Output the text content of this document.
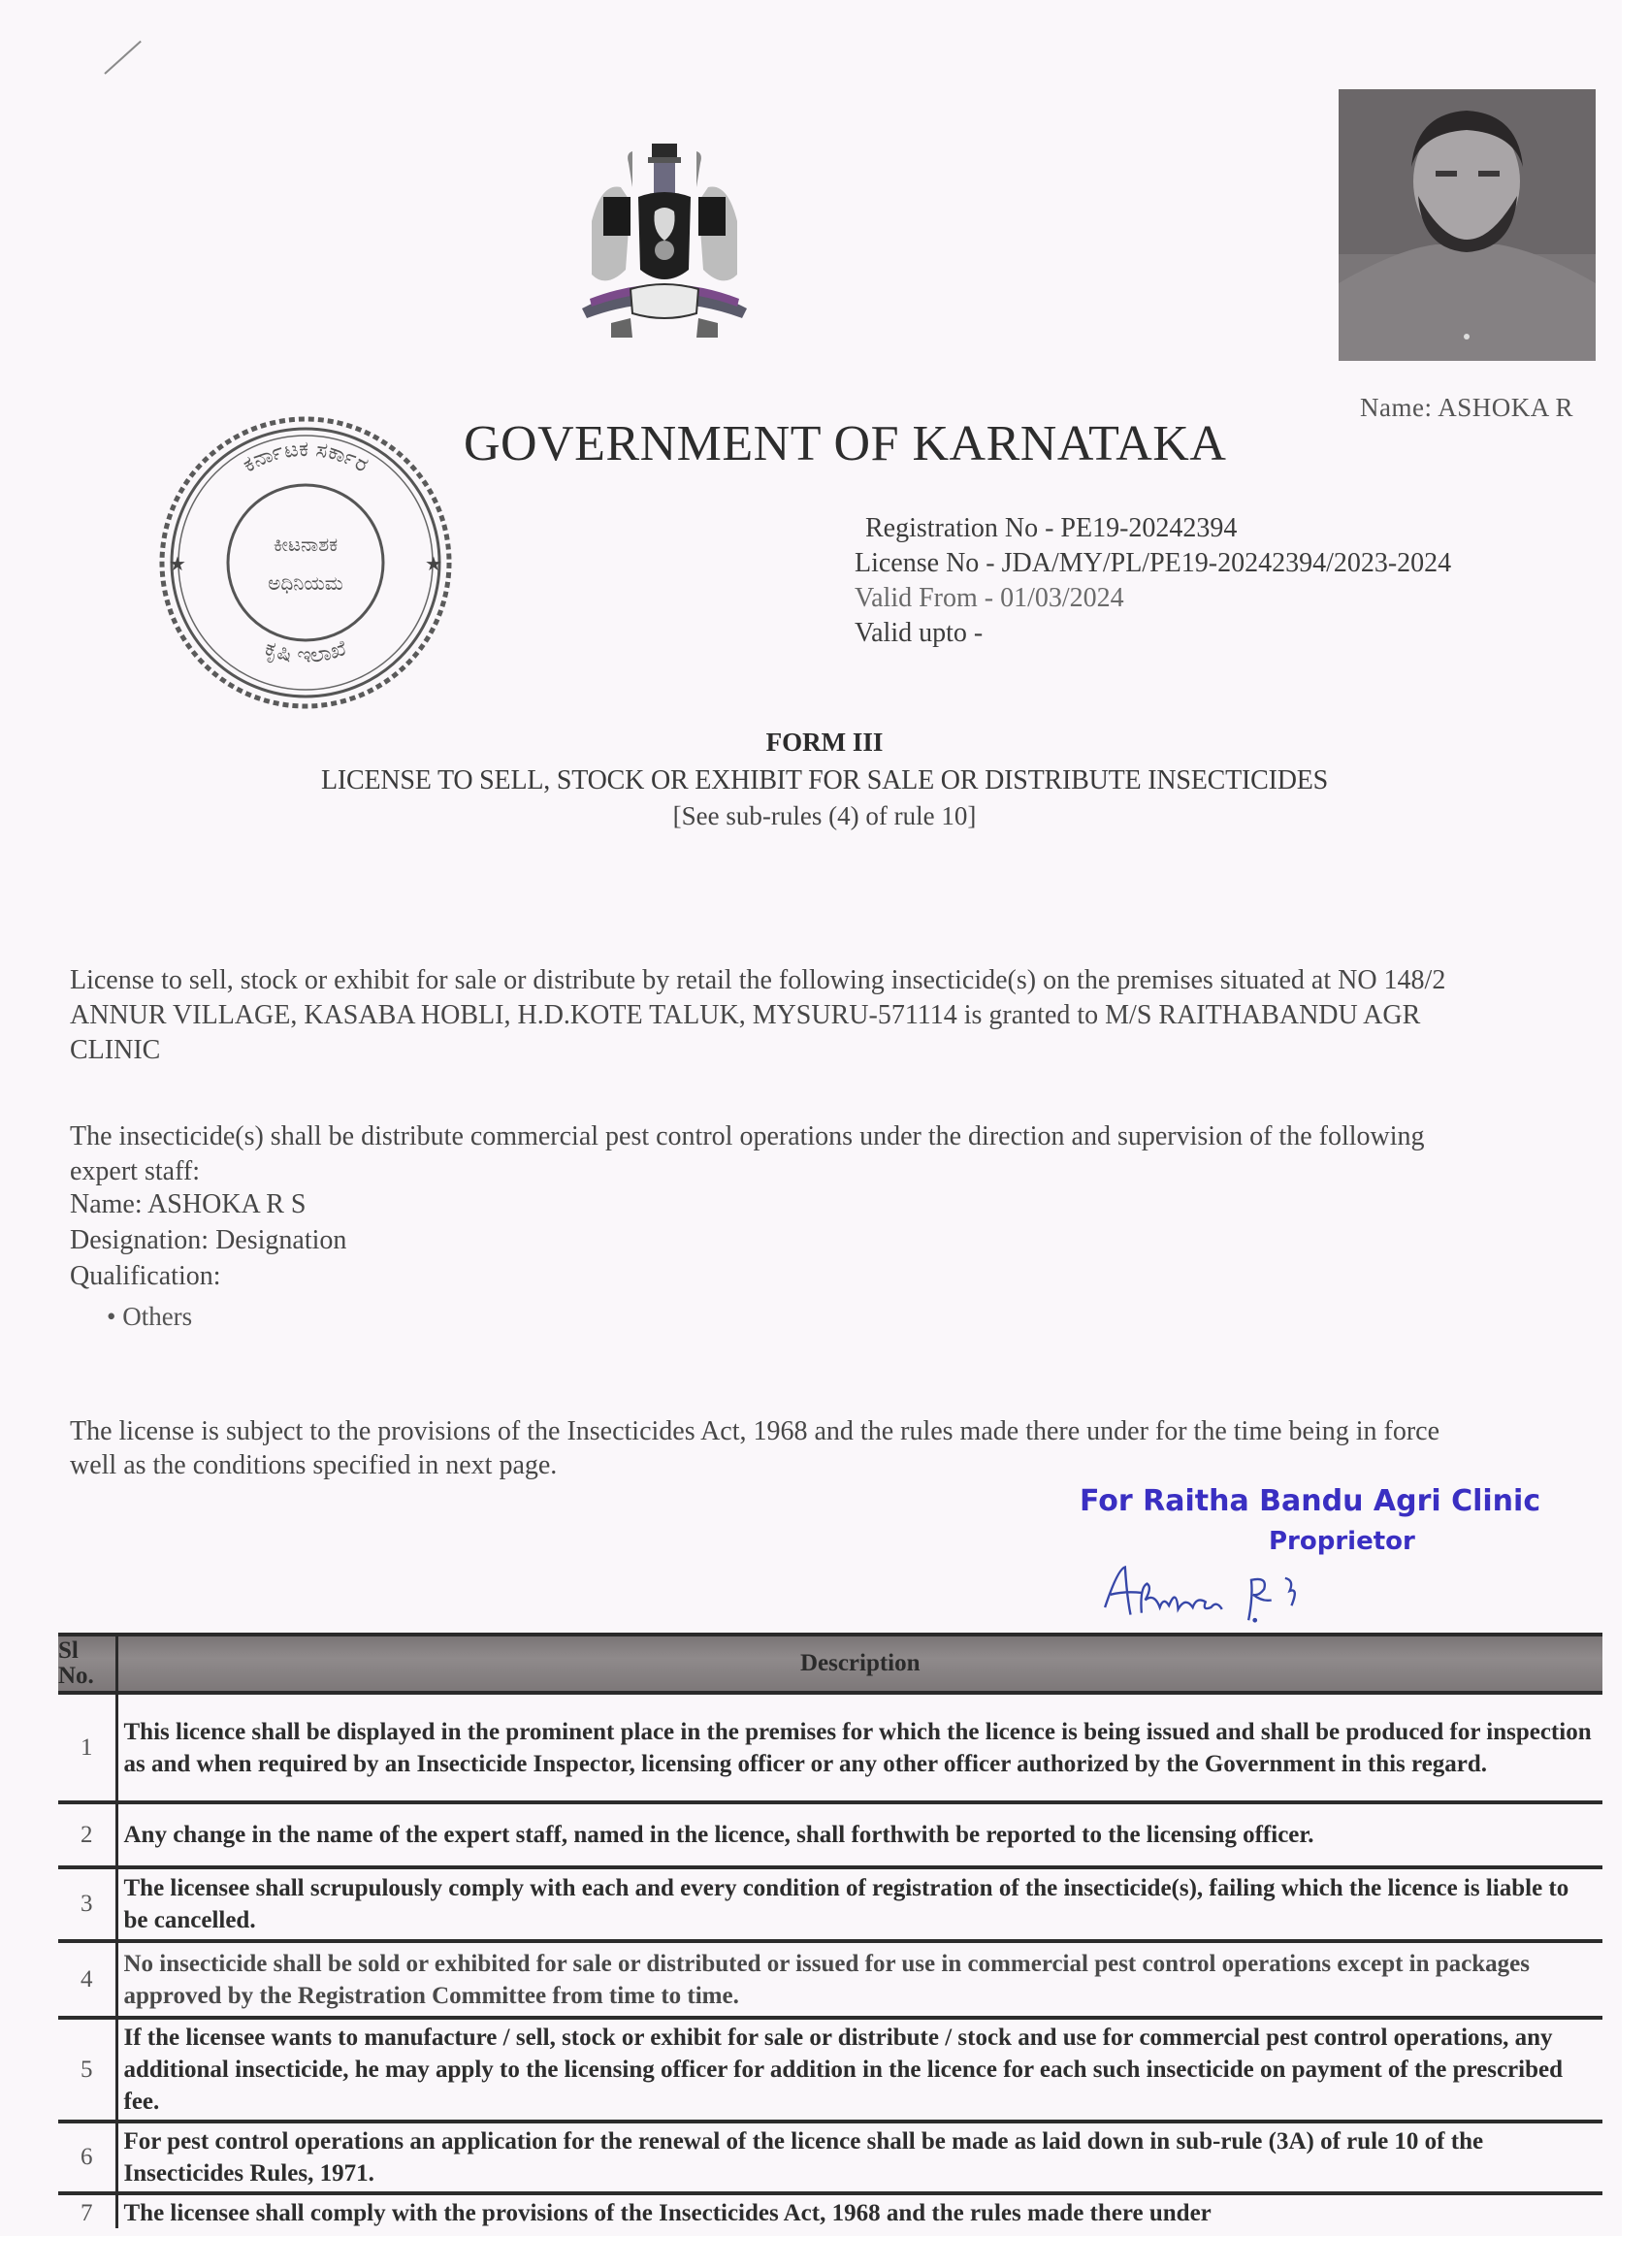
Name: ASHOKA R
ಕರ್ನಾಟಕ ಸರ್ಕಾರ
ಕೃಷಿ ಇಲಾಖೆ
ಕೀಟನಾಶಕ
ಅಧಿನಿಯಮ
★
★
GOVERNMENT OF KARNATAKA
Registration No - PE19-20242394
License No - JDA/MY/PL/PE19-20242394/2023-2024
Valid From - 01/03/2024
Valid upto -
FORM III
LICENSE TO SELL, STOCK OR EXHIBIT FOR SALE OR DISTRIBUTE INSECTICIDES
[See sub-rules (4) of rule 10]
License to sell, stock or exhibit for sale or distribute by retail the following insecticide(s) on the premises situated at NO 148/2
ANNUR VILLAGE, KASABA HOBLI, H.D.KOTE TALUK, MYSURU-571114 is granted to M/S RAITHABANDU AGR
CLINIC
The insecticide(s) shall be distribute commercial pest control operations under the direction and supervision of the following
expert staff:
Name: ASHOKA R S
Designation: Designation
Qualification:
• Others
The license is subject to the provisions of the Insecticides Act, 1968 and the rules made there under for the time being in force
well as the conditions specified in next page.
For Raitha Bandu Agri Clinic
Proprietor
Sl No.	Description
1	This licence shall be displayed in the prominent place in the premises for which the licence is being issued and shall be produced for inspection as and when required by an Insecticide Inspector, licensing officer or any other officer authorized by the Government in this regard.
2	Any change in the name of the expert staff, named in the licence, shall forthwith be reported to the licensing officer.
3	The licensee shall scrupulously comply with each and every condition of registration of the insecticide(s), failing which the licence is liable to be cancelled.
4	No insecticide shall be sold or exhibited for sale or distributed or issued for use in commercial pest control operations except in packages approved by the Registration Committee from time to time.
5	If the licensee wants to manufacture / sell, stock or exhibit for sale or distribute / stock and use for commercial pest control operations, any additional insecticide, he may apply to the licensing officer for addition in the licence for each such insecticide on payment of the prescribed fee.
6	For pest control operations an application for the renewal of the licence shall be made as laid down in sub-rule (3A) of rule 10 of the Insecticides Rules, 1971.
7	The licensee shall comply with the provisions of the Insecticides Act, 1968 and the rules made there under
